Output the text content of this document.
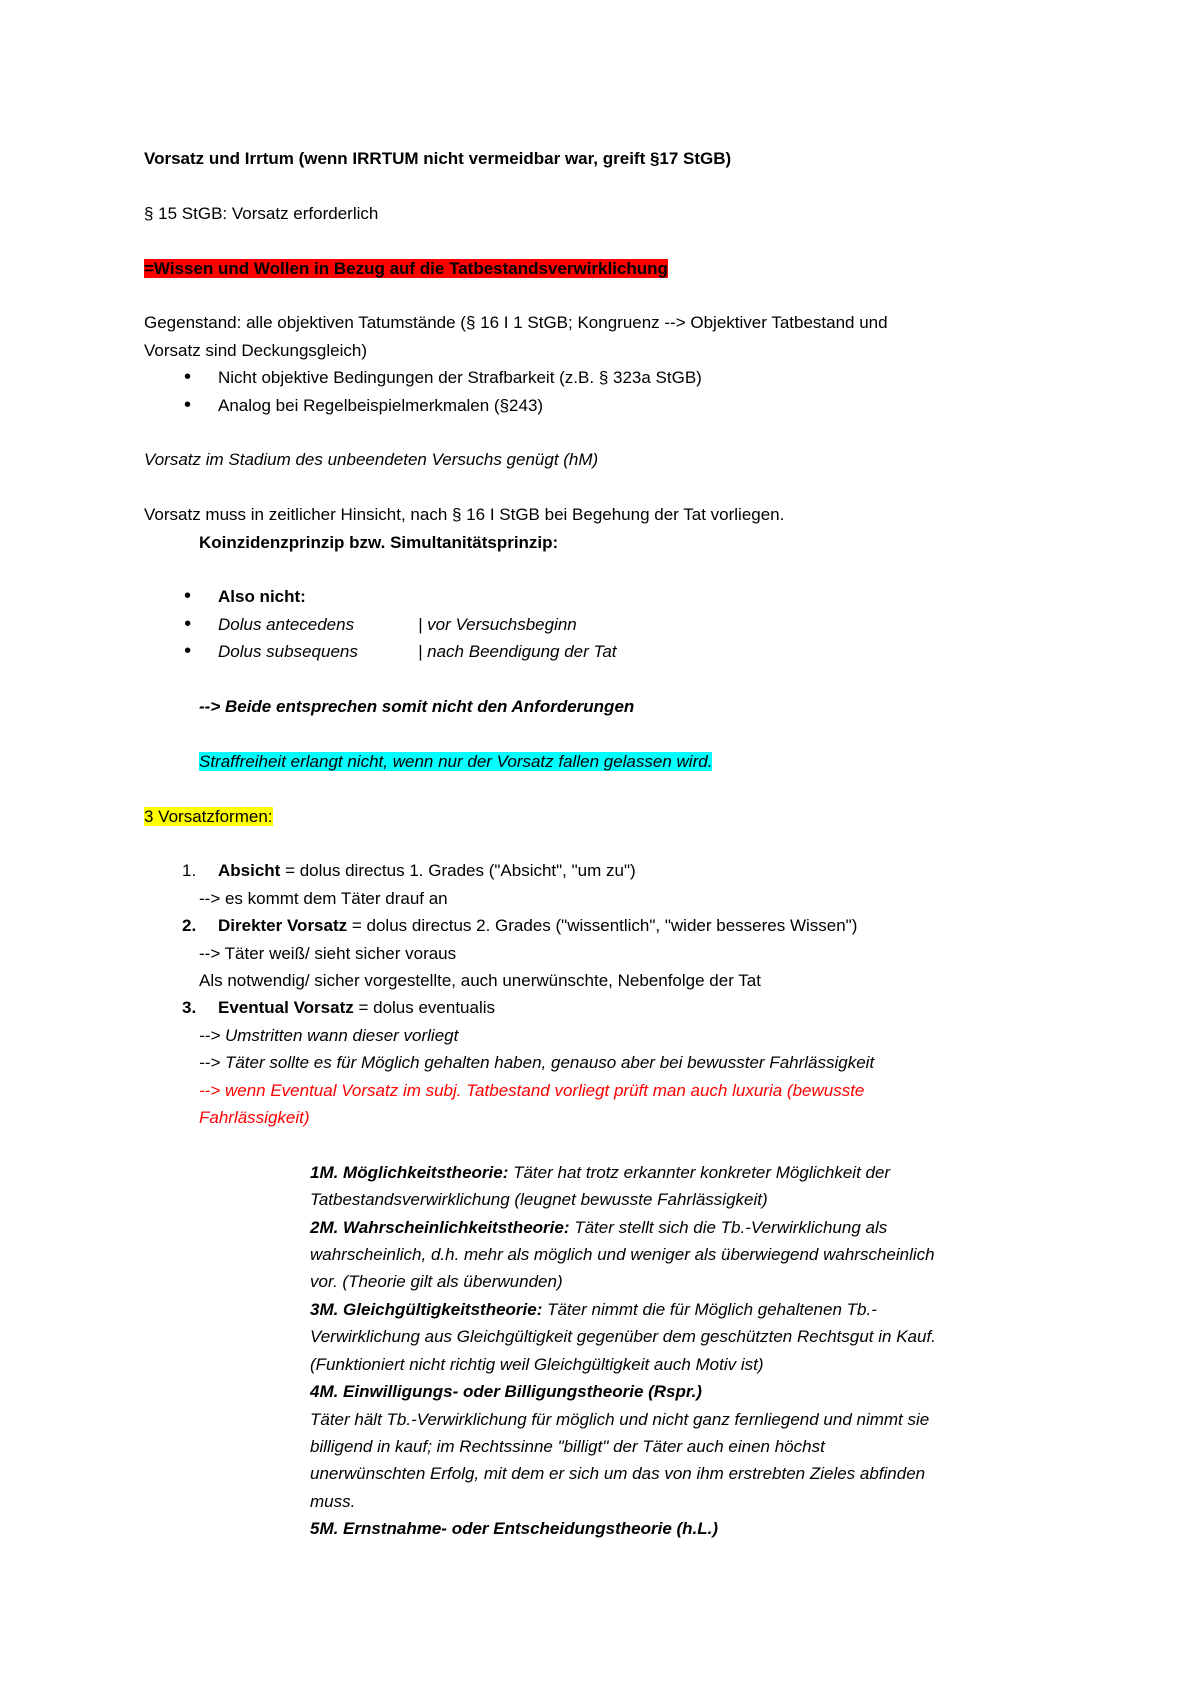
Vorsatz und Irrtum (wenn IRRTUM nicht vermeidbar war, greift §17 StGB)

§ 15 StGB: Vorsatz erforderlich

=Wissen und Wollen in Bezug auf die Tatbestandsverwirklichung

Gegenstand: alle objektiven Tatumstände (§ 16 I 1 StGB; Kongruenz --> Objektiver Tatbestand und

Vorsatz sind Deckungsgleich)

• Nicht objektive Bedingungen der Strafbarkeit (z.B. § 323a StGB)
• Analog bei Regelbeispielmerkmalen (§243)

Vorsatz im Stadium des unbeendeten Versuchs genügt (hM)

Vorsatz muss in zeitlicher Hinsicht, nach § 16 I StGB bei Begehung der Tat vorliegen.

Koinzidenzprinzip bzw. Simultanitätsprinzip:

• Also nicht:
• Dolus antecedens	| vor Versuchsbeginn
• Dolus subsequens	| nach Beendigung der Tat

--> Beide entsprechen somit nicht den Anforderungen

Straffreiheit erlangt nicht, wenn nur der Vorsatz fallen gelassen wird.

3 Vorsatzformen:

1. Absicht = dolus directus 1. Grades ("Absicht", "um zu")

--> es kommt dem Täter drauf an

2. Direkter Vorsatz = dolus directus 2. Grades ("wissentlich", "wider besseres Wissen")

--> Täter weiß/ sieht sicher voraus

Als notwendig/ sicher vorgestellte, auch unerwünschte, Nebenfolge der Tat

3. Eventual Vorsatz = dolus eventualis

--> Umstritten wann dieser vorliegt

--> Täter sollte es für Möglich gehalten haben, genauso aber bei bewusster Fahrlässigkeit

--> wenn Eventual Vorsatz im subj. Tatbestand vorliegt prüft man auch luxuria (bewusste

Fahrlässigkeit)

1M. Möglichkeitstheorie: Täter hat trotz erkannter konkreter Möglichkeit der

Tatbestandsverwirklichung (leugnet bewusste Fahrlässigkeit)

2M. Wahrscheinlichkeitstheorie: Täter stellt sich die Tb.-Verwirklichung als

wahrscheinlich, d.h. mehr als möglich und weniger als überwiegend wahrscheinlich

vor. (Theorie gilt als überwunden)

3M. Gleichgültigkeitstheorie: Täter nimmt die für Möglich gehaltenen Tb.-

Verwirklichung aus Gleichgültigkeit gegenüber dem geschützten Rechtsgut in Kauf.

(Funktioniert nicht richtig weil Gleichgültigkeit auch Motiv ist)

4M. Einwilligungs- oder Billigungstheorie (Rspr.)

Täter hält Tb.-Verwirklichung für möglich und nicht ganz fernliegend und nimmt sie

billigend in kauf; im Rechtssinne "billigt" der Täter auch einen höchst

unerwünschten Erfolg, mit dem er sich um das von ihm erstrebten Zieles abfinden

muss.

5M. Ernstnahme- oder Entscheidungstheorie (h.L.)
